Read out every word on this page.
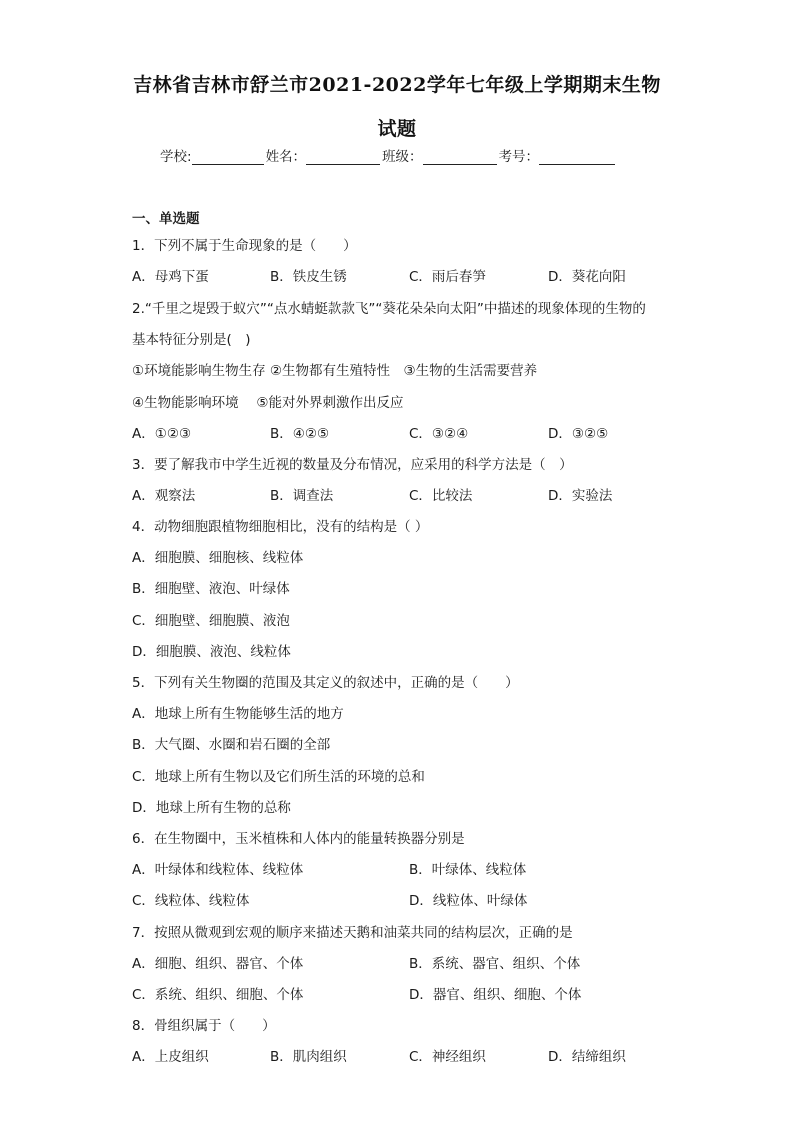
吉林省吉林市舒兰市2021-2022学年七年级上学期期末生物
试题
学校:	姓名：	班级：	考号：
一、单选题
1．下列不属于生命现象的是（　　）
A．母鸡下蛋	B．铁皮生锈	C．雨后春笋	D．葵花向阳
2.“千里之堤毁于蚁穴”“点水蜻蜓款款飞”“葵花朵朵向太阳”中描述的现象体现的生物的
基本特征分别是(　)
①环境能影响生物生存 ②生物都有生殖特性　③生物的生活需要营养
④生物能影响环境　 ⑤能对外界刺激作出反应
A．①②③	B．④②⑤	C．③②④	D．③②⑤
3．要了解我市中学生近视的数量及分布情况，应采用的科学方法是（　）
A．观察法	B．调查法	C．比较法	D．实验法
4．动物细胞跟植物细胞相比，没有的结构是（ ）
A．细胞膜、细胞核、线粒体
B．细胞壁、液泡、叶绿体
C．细胞壁、细胞膜、液泡
D．细胞膜、液泡、线粒体
5．下列有关生物圈的范围及其定义的叙述中，正确的是（　　）
A．地球上所有生物能够生活的地方
B．大气圈、水圈和岩石圈的全部
C．地球上所有生物以及它们所生活的环境的总和
D．地球上所有生物的总称
6．在生物圈中，玉米植株和人体内的能量转换器分别是
A．叶绿体和线粒体、线粒体	B．叶绿体、线粒体
C．线粒体、线粒体	D．线粒体、叶绿体
7．按照从微观到宏观的顺序来描述天鹅和油菜共同的结构层次，正确的是
A．细胞、组织、器官、个体	B．系统、器官、组织、个体
C．系统、组织、细胞、个体	D．器官、组织、细胞、个体
8．骨组织属于（　　）
A．上皮组织	B．肌肉组织	C．神经组织	D．结缔组织
